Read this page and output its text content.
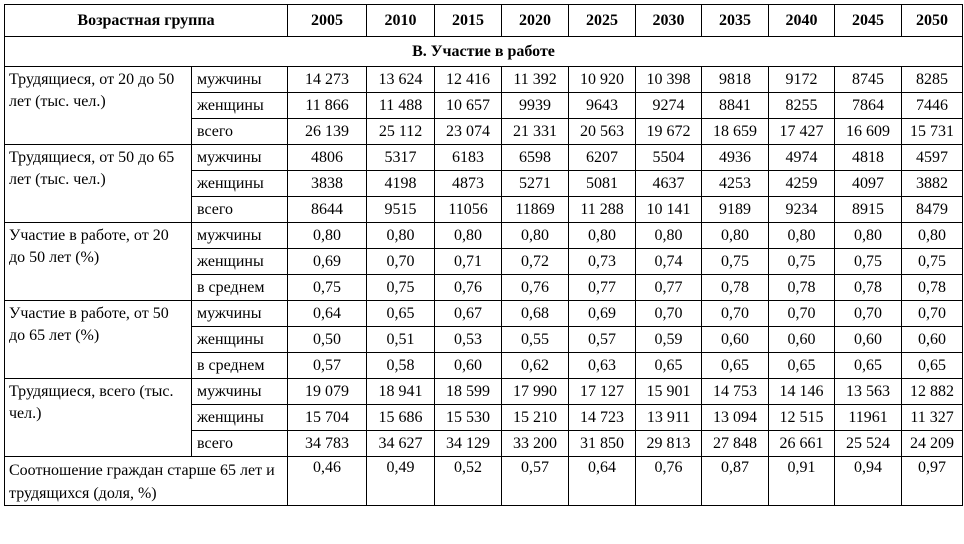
Возрастная группа		2005	2010	2015	2020	2025	2030	2035	2040	2045	2050
В. Участие в работе											
Трудящиеся, от 20 до 50 лет (тыс. чел.)	мужчины	14 273	13 624	12 416	11 392	10 920	10 398	9818	9172	8745	8285
	женщины	11 866	11 488	10 657	9939	9643	9274	8841	8255	7864	7446
	всего	26 139	25 112	23 074	21 331	20 563	19 672	18 659	17 427	16 609	15 731
Трудящиеся, от 50 до 65 лет (тыс. чел.)	мужчины	4806	5317	6183	6598	6207	5504	4936	4974	4818	4597
	женщины	3838	4198	4873	5271	5081	4637	4253	4259	4097	3882
	всего	8644	9515	11056	11869	11 288	10 141	9189	9234	8915	8479
Участие в работе, от 20 до 50 лет (%)	мужчины	0,80	0,80	0,80	0,80	0,80	0,80	0,80	0,80	0,80	0,80
	женщины	0,69	0,70	0,71	0,72	0,73	0,74	0,75	0,75	0,75	0,75
	в среднем	0,75	0,75	0,76	0,76	0,77	0,77	0,78	0,78	0,78	0,78
Участие в работе, от 50 до 65 лет (%)	мужчины	0,64	0,65	0,67	0,68	0,69	0,70	0,70	0,70	0,70	0,70
	женщины	0,50	0,51	0,53	0,55	0,57	0,59	0,60	0,60	0,60	0,60
	в среднем	0,57	0,58	0,60	0,62	0,63	0,65	0,65	0,65	0,65	0,65
Трудящиеся, всего (тыс. чел.)	мужчины	19 079	18 941	18 599	17 990	17 127	15 901	14 753	14 146	13 563	12 882
	женщины	15 704	15 686	15 530	15 210	14 723	13 911	13 094	12 515	11961	11 327
	всего	34 783	34 627	34 129	33 200	31 850	29 813	27 848	26 661	25 524	24 209
Соотношение граждан старше 65 лет и трудящихся (доля, %)		0,46	0,49	0,52	0,57	0,64	0,76	0,87	0,91	0,94	0,97
